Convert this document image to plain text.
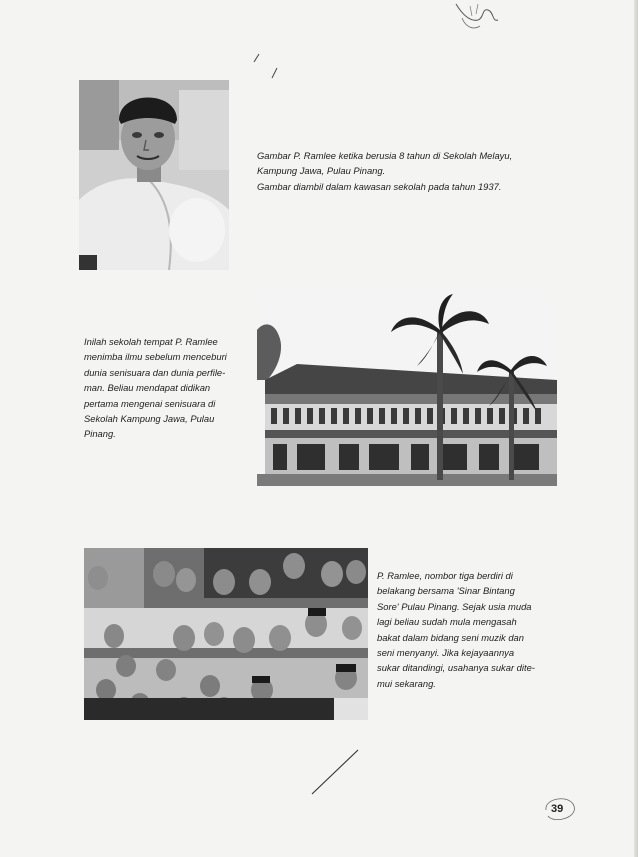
Gambar P. Ramlee ketika berusia 8 tahun di Sekolah Melayu,
Kampung Jawa, Pulau Pinang.
Gambar diambil dalam kawasan sekolah pada tahun 1937.
Inilah sekolah tempat P. Ramlee
menimba ilmu sebelum menceburi
dunia senisuara dan dunia perfile-
man. Beliau mendapat didikan
pertama mengenai senisuara di
Sekolah Kampung Jawa, Pulau
Pinang.
P. Ramlee, nombor tiga berdiri di
belakang bersama 'Sinar Bintang
Sore' Pulau Pinang. Sejak usia muda
lagi beliau sudah mula mengasah
bakat dalam bidang seni muzik dan
seni menyanyi. Jika kejayaannya
sukar ditandingi, usahanya sukar dite-
mui sekarang.
39
